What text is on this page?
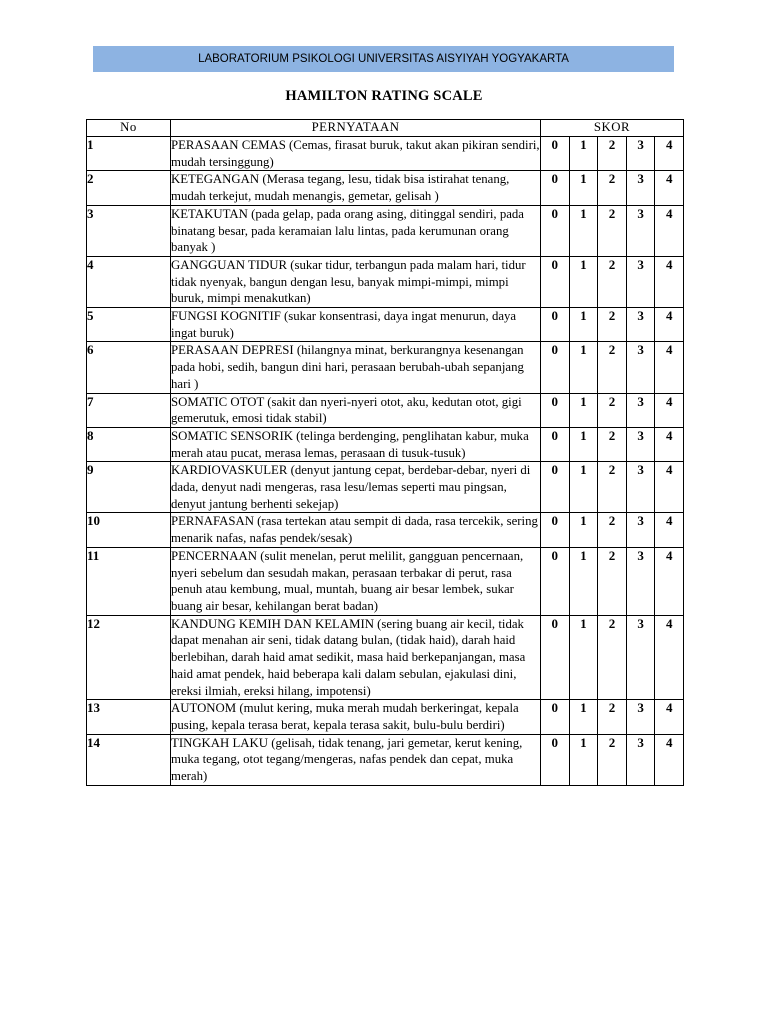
LABORATORIUM PSIKOLOGI UNIVERSITAS AISYIYAH YOGYAKARTA
HAMILTON RATING SCALE
No	PERNYATAAN	SKOR				
1	PERASAAN CEMAS (Cemas, firasat buruk, takut akan pikiran sendiri, mudah tersinggung)	0	1	2	3	4
2	KETEGANGAN (Merasa tegang, lesu, tidak bisa istirahat tenang, mudah terkejut, mudah menangis, gemetar, gelisah )	0	1	2	3	4
3	KETAKUTAN (pada gelap, pada orang asing, ditinggal sendiri, pada binatang besar, pada keramaian lalu lintas, pada kerumunan orang banyak )	0	1	2	3	4
4	GANGGUAN TIDUR (sukar tidur, terbangun pada malam hari, tidur tidak nyenyak, bangun dengan lesu, banyak mimpi-mimpi, mimpi buruk, mimpi menakutkan)	0	1	2	3	4
5	FUNGSI KOGNITIF (sukar konsentrasi, daya ingat menurun, daya ingat buruk)	0	1	2	3	4
6	PERASAAN DEPRESI (hilangnya minat, berkurangnya kesenangan pada hobi, sedih, bangun dini hari, perasaan berubah-ubah sepanjang hari )	0	1	2	3	4
7	SOMATIC OTOT (sakit dan nyeri-nyeri otot, aku, kedutan otot, gigi gemerutuk, emosi tidak stabil)	0	1	2	3	4
8	SOMATIC SENSORIK (telinga berdenging, penglihatan kabur, muka merah atau pucat, merasa lemas, perasaan di tusuk-tusuk)	0	1	2	3	4
9	KARDIOVASKULER (denyut jantung cepat, berdebar-debar, nyeri di dada, denyut nadi mengeras, rasa lesu/lemas seperti mau pingsan, denyut jantung berhenti sekejap)	0	1	2	3	4
10	PERNAFASAN (rasa tertekan atau sempit di dada, rasa tercekik, sering menarik nafas, nafas pendek/sesak)	0	1	2	3	4
11	PENCERNAAN (sulit menelan, perut melilit, gangguan pencernaan, nyeri sebelum dan sesudah makan, perasaan terbakar di perut, rasa penuh atau kembung, mual, muntah, buang air besar lembek, sukar buang air besar, kehilangan berat badan)	0	1	2	3	4
12	KANDUNG KEMIH DAN KELAMIN (sering buang air kecil, tidak dapat menahan air seni, tidak datang bulan, (tidak haid), darah haid berlebihan, darah haid amat sedikit, masa haid berkepanjangan, masa haid amat pendek, haid beberapa kali dalam sebulan, ejakulasi dini, ereksi ilmiah, ereksi hilang, impotensi)	0	1	2	3	4
13	AUTONOM (mulut kering, muka merah mudah berkeringat, kepala pusing, kepala terasa berat, kepala terasa sakit, bulu-bulu berdiri)	0	1	2	3	4
14	TINGKAH LAKU (gelisah, tidak tenang, jari gemetar, kerut kening, muka tegang, otot tegang/mengeras, nafas pendek dan cepat, muka merah)	0	1	2	3	4
